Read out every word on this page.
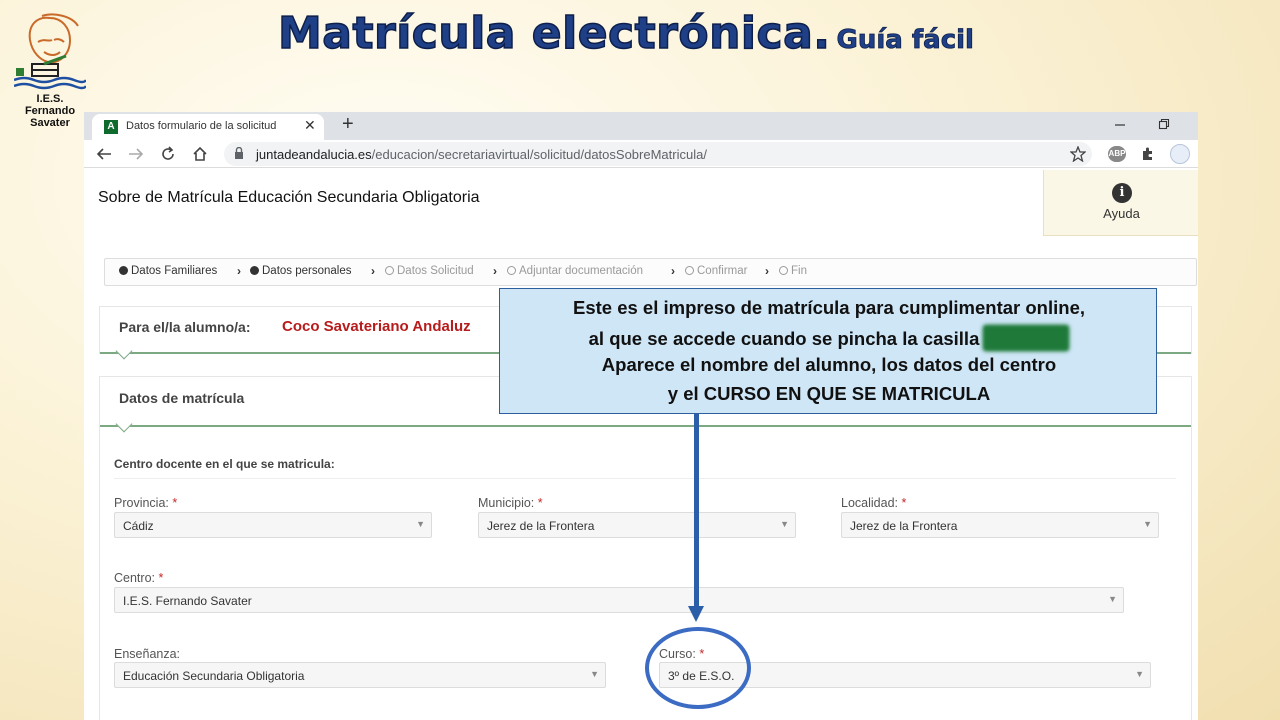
Matrícula electrónica. Guía fácil
I.E.S.
Fernando Savater	A	Datos formulario de la solicitud ✕ +
juntadeandalucia.es/educacion/secretariavirtual/solicitud/datosSobreMatricula/	ABP
Sobre de Matrícula Educación Secundaria Obligatoria	i
Ayuda
Datos Familiares ›	Datos personales ›	Datos Solicitud ›	Adjuntar documentación ›	Confirmar ›	Fin
Para el/la alumno/a: Coco Savateriano Andaluz
Datos de matrícula
Centro docente en el que se matricula:
Provincia: *
Cádiz	▼
Municipio: *
Jerez de la Frontera	▼
Localidad: *
Jerez de la Frontera	▼
Centro: *
I.E.S. Fernando Savater	▼
Enseñanza:
Educación Secundaria Obligatoria	▼
Curso: *
3º de E.S.O.	▼
Este es el impreso de matrícula para cumplimentar online,
al que se accede cuando se pincha la casilla
Aparece el nombre del alumno, los datos del centro
y el CURSO EN QUE SE MATRICULA
